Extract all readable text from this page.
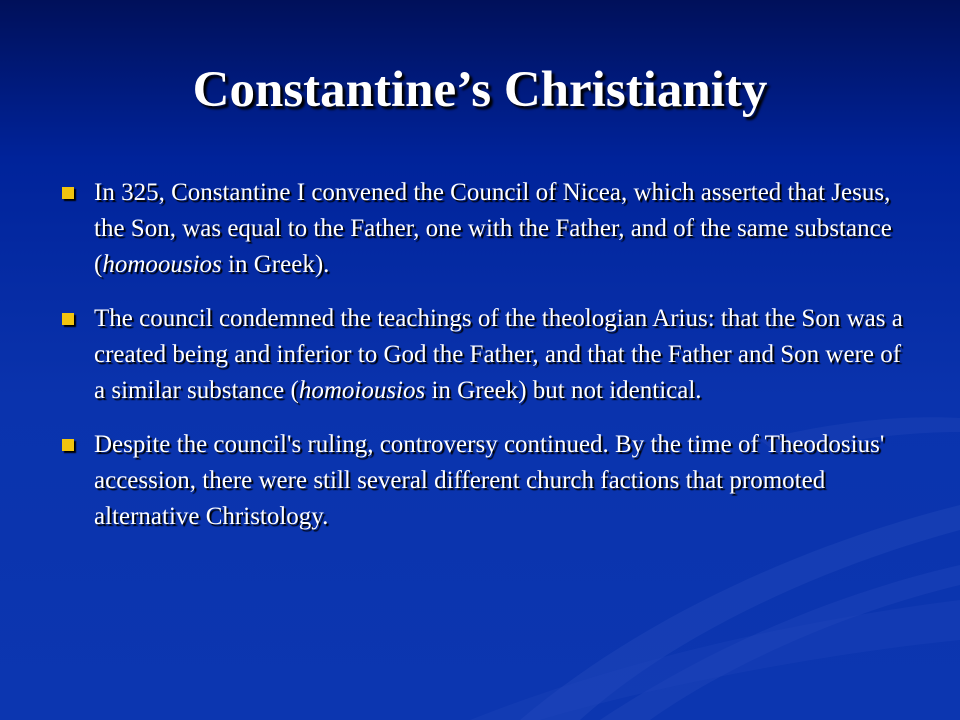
Constantine’s Christianity
In 325, Constantine I convened the Council of Nicea, which asserted that Jesus, the Son, was equal to the Father, one with the Father, and of the same substance (homoousios in Greek).
The council condemned the teachings of the theologian Arius: that the Son was a created being and inferior to God the Father, and that the Father and Son were of a similar substance (homoiousios in Greek) but not identical.
Despite the council's ruling, controversy continued. By the time of Theodosius' accession, there were still several different church factions that promoted alternative Christology.
